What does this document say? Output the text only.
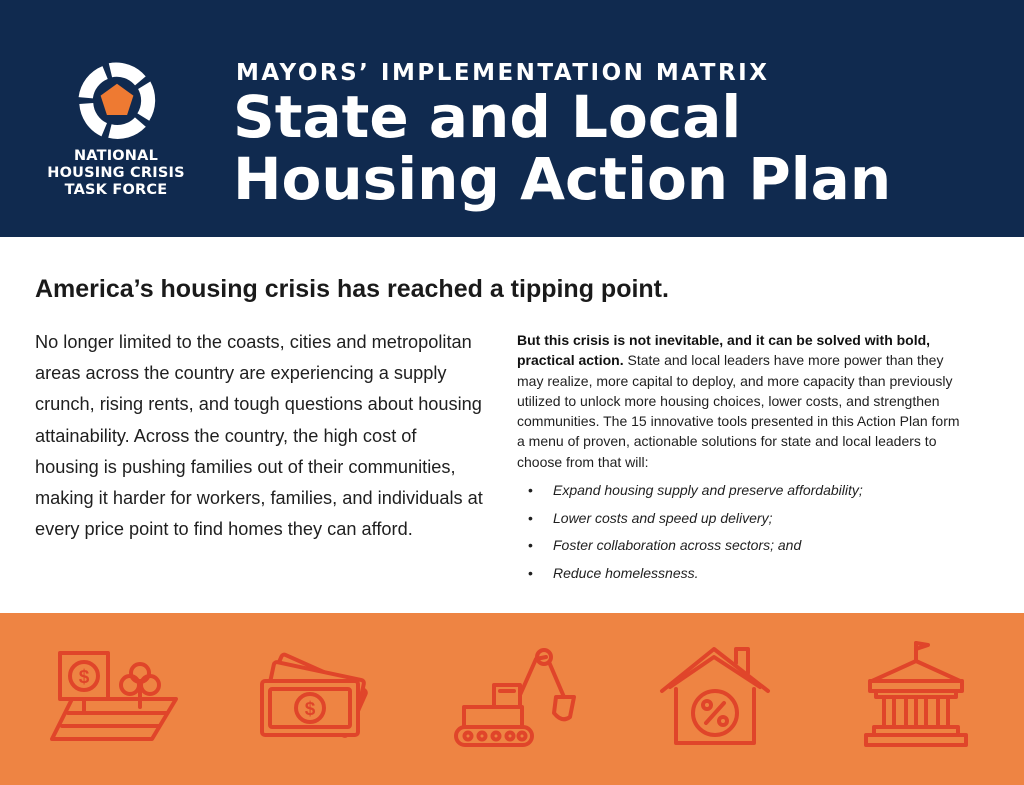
NATIONAL
HOUSING CRISIS
TASK FORCE
MAYORS’ IMPLEMENTATION MATRIX
State and Local
Housing Action Plan
America’s housing crisis has reached a tipping point.
No longer limited to the coasts, cities and metropolitan areas across the country are experiencing a supply crunch, rising rents, and tough questions about housing attainability. Across the country, the high cost of housing is pushing families out of their communities, making it harder for workers, families, and individuals at every price point to find homes they can afford.
But this crisis is not inevitable, and it can be solved with bold, practical action. State and local leaders have more power than they may realize, more capital to deploy, and more capacity than previously utilized to unlock more housing choices, lower costs, and strengthen communities. The 15 innovative tools presented in this Action Plan form a menu of proven, actionable solutions for state and local leaders to choose from that will:
• Expand housing supply and preserve affordability;
• Lower costs and speed up delivery;
• Foster collaboration across sectors; and
• Reduce homelessness.
$
$
